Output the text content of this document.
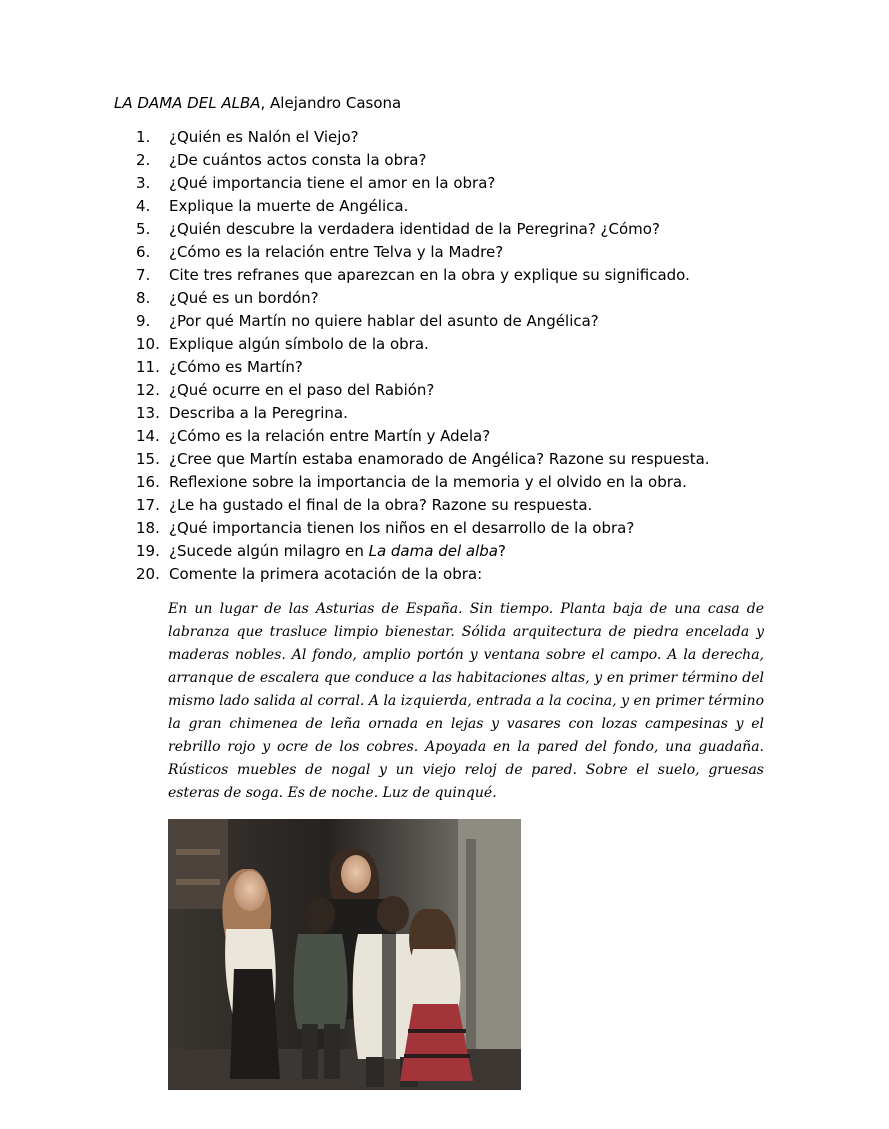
LA DAMA DEL ALBA, Alejandro Casona
1.	¿Quién es Nalón el Viejo?
2.	¿De cuántos actos consta la obra?
3.	¿Qué importancia tiene el amor en la obra?
4.	Explique la muerte de Angélica.
5.	¿Quién descubre la verdadera identidad de la Peregrina? ¿Cómo?
6.	¿Cómo es la relación entre Telva y la Madre?
7.	Cite tres refranes que aparezcan en la obra y explique su significado.
8.	¿Qué es un bordón?
9.	¿Por qué Martín no quiere hablar del asunto de Angélica?
10. Explique algún símbolo de la obra.
11. ¿Cómo es Martín?
12. ¿Qué ocurre en el paso del Rabión?
13. Describa a la Peregrina.
14. ¿Cómo es la relación entre Martín y Adela?
15. ¿Cree que Martín estaba enamorado de Angélica? Razone su respuesta.
16. Reflexione sobre la importancia de la memoria y el olvido en la obra.
17. ¿Le ha gustado el final de la obra? Razone su respuesta.
18. ¿Qué importancia tienen los niños en el desarrollo de la obra?
19. ¿Sucede algún milagro en La dama del alba?
20. Comente la primera acotación de la obra:

En un lugar de las Asturias de España. Sin tiempo. Planta baja de una casa de labranza que trasluce limpio bienestar. Sólida arquitectura de piedra encelada y maderas nobles. Al fondo, amplio portón y ventana sobre el campo. A la derecha, arranque de escalera que conduce a las habitaciones altas, y en primer término del mismo lado salida al corral. A la izquierda, entrada a la cocina, y en primer término la gran chimenea de leña ornada en lejas y vasares con lozas campesinas y el rebrillo rojo y ocre de los cobres. Apoyada en la pared del fondo, una guadaña. Rústicos muebles de nogal y un viejo reloj de pared. Sobre el suelo, gruesas esteras de soga. Es de noche. Luz de quinqué.
